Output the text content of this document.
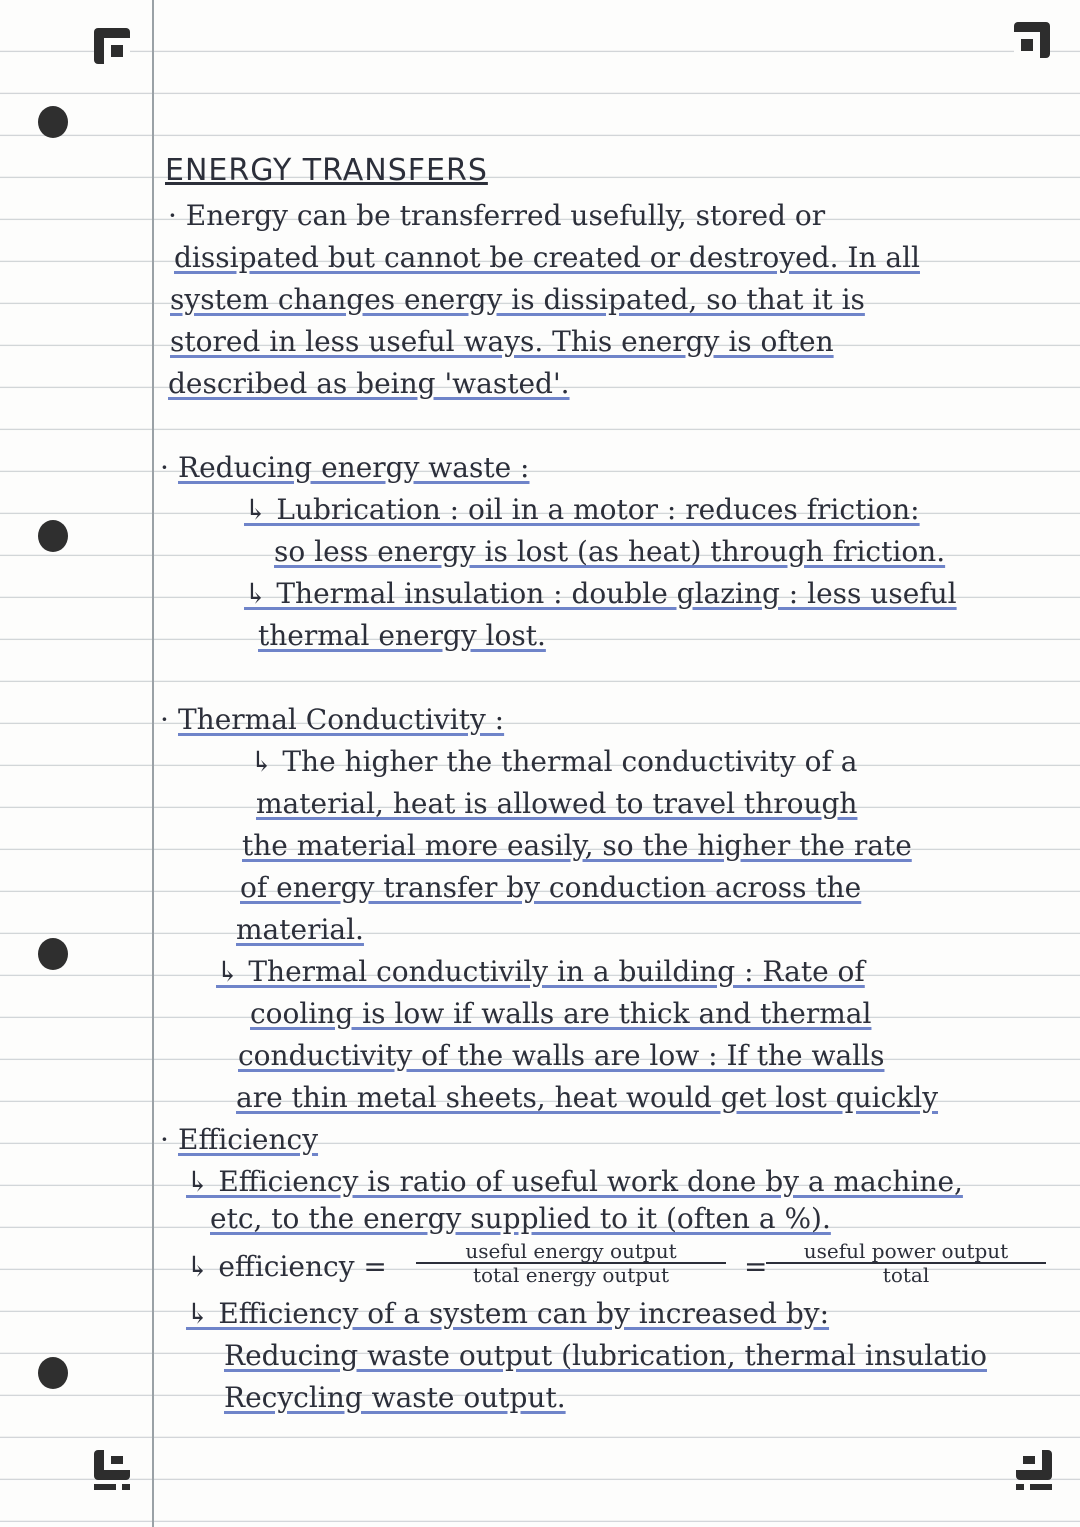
ENERGY TRANSFERS
· Energy can be transferred usefully, stored or
dissipated but cannot be created or destroyed. In all
system changes energy is dissipated, so that it is
stored in less useful ways. This energy is often
described as being 'wasted'.
· Reducing energy waste :
↳ Lubrication : oil in a motor : reduces friction:
so less energy is lost (as heat) through friction.
↳ Thermal insulation : double glazing : less useful
thermal energy lost.
· Thermal Conductivity :
↳ The higher the thermal conductivity of a
material, heat is allowed to travel through
the material more easily, so the higher the rate
of energy transfer by conduction across the
material.
↳ Thermal conductivily in a building : Rate of
cooling is low if walls are thick and thermal
conductivity of the walls are low : If the walls
are thin metal sheets, heat would get lost quickly
· Efficiency
↳ Efficiency is ratio of useful work done by a machine,
etc, to the energy supplied to it (often a %).
↳ efficiency =	useful energy output
total energy output	=	useful power output
total
↳ Efficiency of a system can by increased by:
Reducing waste output (lubrication, thermal insulatio
Recycling waste output.
